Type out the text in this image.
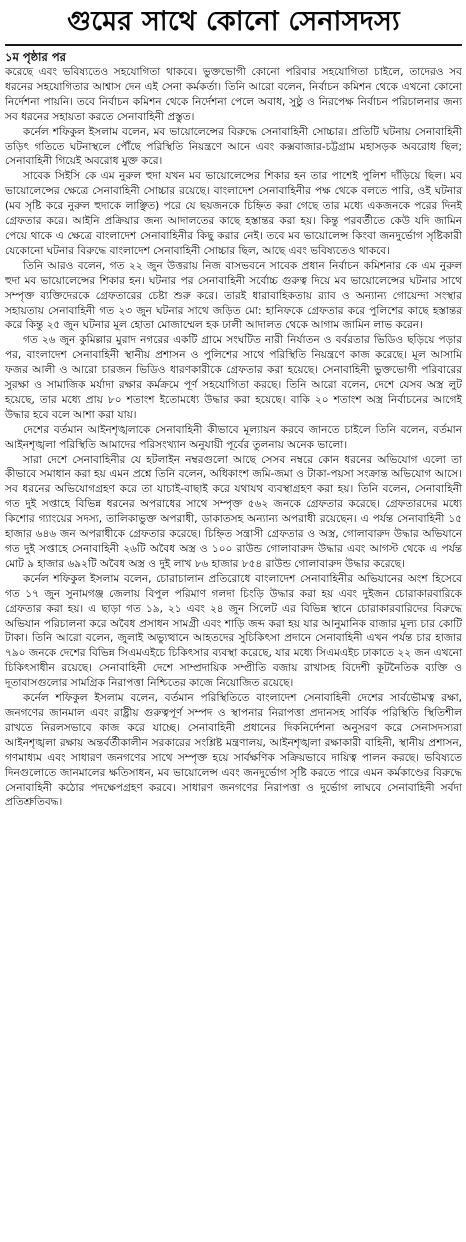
গুমের সাথে কোনো সেনাসদস্য
১ম পৃষ্ঠার পর

করেছে এবং ভবিষ্যতেও সহযোগিতা থাকবে। ভুক্তভোগী কোনো পরিবার সহযোগিতা চাইলে, তাদেরও সব ধরনের সহযোগিতার আশ্বাস দেন এই সেনা কর্মকর্তা। তিনি আরো বলেন, নির্বাচন কমিশন থেকে এখনো কোনো নির্দেশনা পায়নি। তবে নির্বাচন কমিশন থেকে নির্দেশনা পেলে অবাধ, সুষ্ঠু ও নিরপেক্ষ নির্বাচন পরিচালনার জন্য সব ধরনের সহায়তা করতে সেনাবাহিনী প্রস্তুত।

কর্নেল শফিকুল ইসলাম বলেন, মব ভায়োলেন্সের বিরুদ্ধে সেনাবাহিনী সোচ্চার। প্রতিটি ঘটনায় সেনাবাহিনী তড়িৎ গতিতে ঘটনাস্থলে পৌঁছে পরিস্থিতি নিয়ন্ত্রণে আনে এবং কক্সবাজার-চট্টগ্রাম মহাসড়ক অবরোধ ছিল; সেনাবাহিনী গিয়েই অবরোধ মুক্ত করে।

সাবেক সিইসি কে এম নুরুল হুদা যখন মব ভায়োলেন্সের শিকার হন তার পাশেই পুলিশ দাঁড়িয়ে ছিল। মব ভায়োলেন্সের ক্ষেত্রে সেনাবাহিনী সোচ্চার রয়েছে। বাংলাদেশ সেনাবাহিনীর পক্ষ থেকে বলতে পারি, ওই ঘটনার (মব সৃষ্টি করে নুরুল হুদাকে লাঞ্ছিত) পরে যে ছয়জনকে চিহ্নিত করা গেছে তার মধ্যে একজনকে পরের দিনই গ্রেফতার করে। আইনি প্রক্রিয়ার জন্য আদালতের কাছে হস্তান্তর করা হয়। কিন্তু পরবর্তীতে কেউ যদি জামিন পেয়ে থাকে এ ক্ষেত্রে বাংলাদেশ সেনাবাহিনীর কিছু করার নেই। তবে মব ভায়োলেন্স কিংবা জনদুর্ভোগ সৃষ্টিকারী যেকোনো ঘটনার বিরুদ্ধে বাংলাদেশ সেনাবাহিনী সোচ্চার ছিল, আছে এবং ভবিষ্যতেও থাকবে।

তিনি আরও বলেন, গত ২২ জুন উত্তরায় নিজ বাসভবনে সাবেক প্রধান নির্বাচন কমিশনার কে এম নুরুল হুদা মব ভায়োলেন্সের শিকার হন। ঘটনার পর সেনাবাহিনী সর্বোচ্চ গুরুত্ব দিয়ে মব ভায়োলেন্সের ঘটনার সাথে সম্পৃক্ত ব্যক্তিদেরকে গ্রেফতারের চেষ্টা শুরু করে। তারই ধারাবাহিকতায় র‌্যাব ও অন্যান্য গোয়েন্দা সংস্থার সহায়তায় সেনাবাহিনী গত ২৩ জুন ঘটনার সাথে জড়িত মো: হানিফকে গ্রেফতার করে পুলিশের কাছে হস্তান্তর করে কিন্তু ২৫ জুন ঘটনার মূল হোতা মোজাম্মেল হক ঢালী আদালত থেকে আগাম জামিন লাভ করেন।

গত ২৬ জুন কুমিল্লার মুরাদ নগরের একটি গ্রামে সংঘটিত নারী নির্যাতন ও বর্বরতার ভিডিও ছড়িয়ে পড়ার পর, বাংলাদেশ সেনাবাহিনী স্থানীয় প্রশাসন ও পুলিশের সাথে পরিস্থিতি নিয়ন্ত্রণে কাজ করেছে। মূল আসামি ফজর আলী ও আরো চারজন ভিডিও ধারণকারীকে গ্রেফতার করা হয়েছে। সেনাবাহিনী ভুক্তভোগী পরিবারের সুরক্ষা ও সামাজিক মর্যাদা রক্ষার কর্মক্রমে পূর্ণ সহযোগিতা করছে। তিনি আরো বলেন, দেশে যেসব অস্ত্র লুট হয়েছে, তার মধ্যে প্রায় ৮০ শতাংশ ইতোমধ্যে উদ্ধার করা হয়েছে। বাকি ২০ শতাংশ অস্ত্র নির্বাচনের আগেই উদ্ধার হবে বলে আশা করা যায়।

দেশের বর্তমান আইনশৃঙ্খলাকে সেনাবাহিনী কীভাবে মূল্যায়ন করবে জানতে চাইলে তিনি বলেন, বর্তমান আইনশৃঙ্খলা পরিস্থিতি আমাদের পরিসংখ্যান অনুযায়ী পূর্বের তুলনায় অনেক ভালো।

সারা দেশে সেনাবাহিনীর যে হটলাইন নম্বরগুলো আছে সেসব নম্বরে কোন ধরনের অভিযোগ এলো তা কীভাবে সমাধান করা হয় এমন প্রশ্নে তিনি বলেন, অধিকাংশ জমি-জমা ও টাকা-পয়সা সংক্রান্ত অভিযোগ আসে। সব ধরনের অভিযোগগ্রহণ করে তা যাচাই-বাছাই করে যথাযথ ব্যবস্থাগ্রহণ করা হয়। তিনি বলেন, সেনাবাহিনী গত দুই সপ্তাহে বিভিন্ন ধরনের অপরাধের সাথে সম্পৃক্ত ৫৬২ জনকে গ্রেফতার করেছে। গ্রেফতারদের মধ্যে কিশোর গ্যাংয়ের সদস্য, তালিকাভুক্ত অপরাধী, ডাকাতসহ অন্যান্য অপরাধী রয়েছেন। এ পর্যন্ত সেনাবাহিনী ১৫ হাজার ৬৪৬ জন অপরাধীকে গ্রেফতার করেছে। চিহ্নিত সন্ত্রাসী গ্রেফতার ও অস্ত্র, গোলাবারুদ উদ্ধার অভিযানে গত দুই সপ্তাহে সেনাবাহিনী ২৬টি অবৈধ অস্ত্র ও ১০০ রাউন্ড গোলাবারুদ উদ্ধার এবং আগস্ট থেকে এ পর্যন্ত মোট ৯ হাজার ৬৯২টি অবৈধ অস্ত্র ও দুই লাখ ৮৬ হাজার ৮৫৪ রাউন্ড গোলাবারুদ উদ্ধার করেছে।

কর্নেল শফিকুল ইসলাম বলেন, চোরাচালান প্রতিরোধে বাংলাদেশ সেনাবাহিনীর অভিযানের অংশ হিসেবে গত ১৭ জুন সুনামগঞ্জ জেলায় বিপুল পরিমাণ গলদা চিংড়ি উদ্ধার করা হয় এবং দুইজন চোরাকারবারিকে গ্রেফতার করা হয়। এ ছাড়া গত ১৯, ২১ এবং ২৪ জুন সিলেট এর বিভিন্ন স্থানে চোরাকারবারিদের বিরুদ্ধে অভিযান পরিচালনা করে অবৈধ প্রসাধন সামগ্রী এবং শাড়ি জব্দ করা হয় যার আনুমানিক বাজার মূল্য চার কোটি টাকা। তিনি আরো বলেন, জুলাই অভ্যুত্থানে আহতদের সুচিকিৎসা প্রদানে সেনাবাহিনী এখন পর্যন্ত চার হাজার ৭৯০ জনকে দেশের বিভিন্ন সিএমএইচে চিকিৎসার ব্যবস্থা করেছে, যার মধ্যে সিএমএইচ ঢাকাতে ২২ জন এখনো চিকিৎসাধীন রয়েছে। সেনাবাহিনী দেশে সাম্প্রদায়িক সম্প্রীতি বজায় রাখাসহ বিদেশী কূটনৈতিক ব্যক্তি ও দূতাবাসগুলোর সামগ্রিক নিরাপত্তা নিশ্চিতের কাজে নিয়োজিত রয়েছে।

কর্নেল শফিকুল ইসলাম বলেন, বর্তমান পরিস্থিতিতে বাংলাদেশ সেনাবাহিনী দেশের সার্বভৌমত্ব রক্ষা, জনগণের জানমাল এবং রাষ্ট্রীয় গুরুত্বপূর্ণ সম্পদ ও স্থাপনার নিরাপত্তা প্রদানসহ সার্বিক পরিস্থিতি স্থিতিশীল রাখতে নিরলসভাবে কাজ করে যাচ্ছে। সেনাবাহিনী প্রধানের দিকনির্দেশনা অনুসরণ করে সেনাসদস্যরা আইনশৃঙ্খলা রক্ষায় অন্তর্বর্তীকালীন সরকারের সংশ্লিষ্ট মন্ত্রণালয়, আইনশৃঙ্খলা রক্ষাকারী বাহিনী, স্থানীয় প্রশাসন, গণমাধ্যম এবং সাধারণ জনগণের সাথে সম্পৃক্ত হয়ে সার্বক্ষণিক সক্রিয়ভাবে দায়িত্ব পালন করছে। ভবিষ্যতে দিনগুলোতে জানমালের ক্ষতিসাধন, মব ভায়োলেন্স এবং জনদুর্ভোগ সৃষ্টি করতে পারে এমন কর্মকাণ্ডের বিরুদ্ধে সেনাবাহিনী কঠোর পদক্ষেপগ্রহণ করবে। সাধারণ জনগণের নিরাপত্তা ও দুর্ভোগ লাঘবে সেনাবাহিনী সর্বদা প্রতিশ্রুতিবদ্ধ।
